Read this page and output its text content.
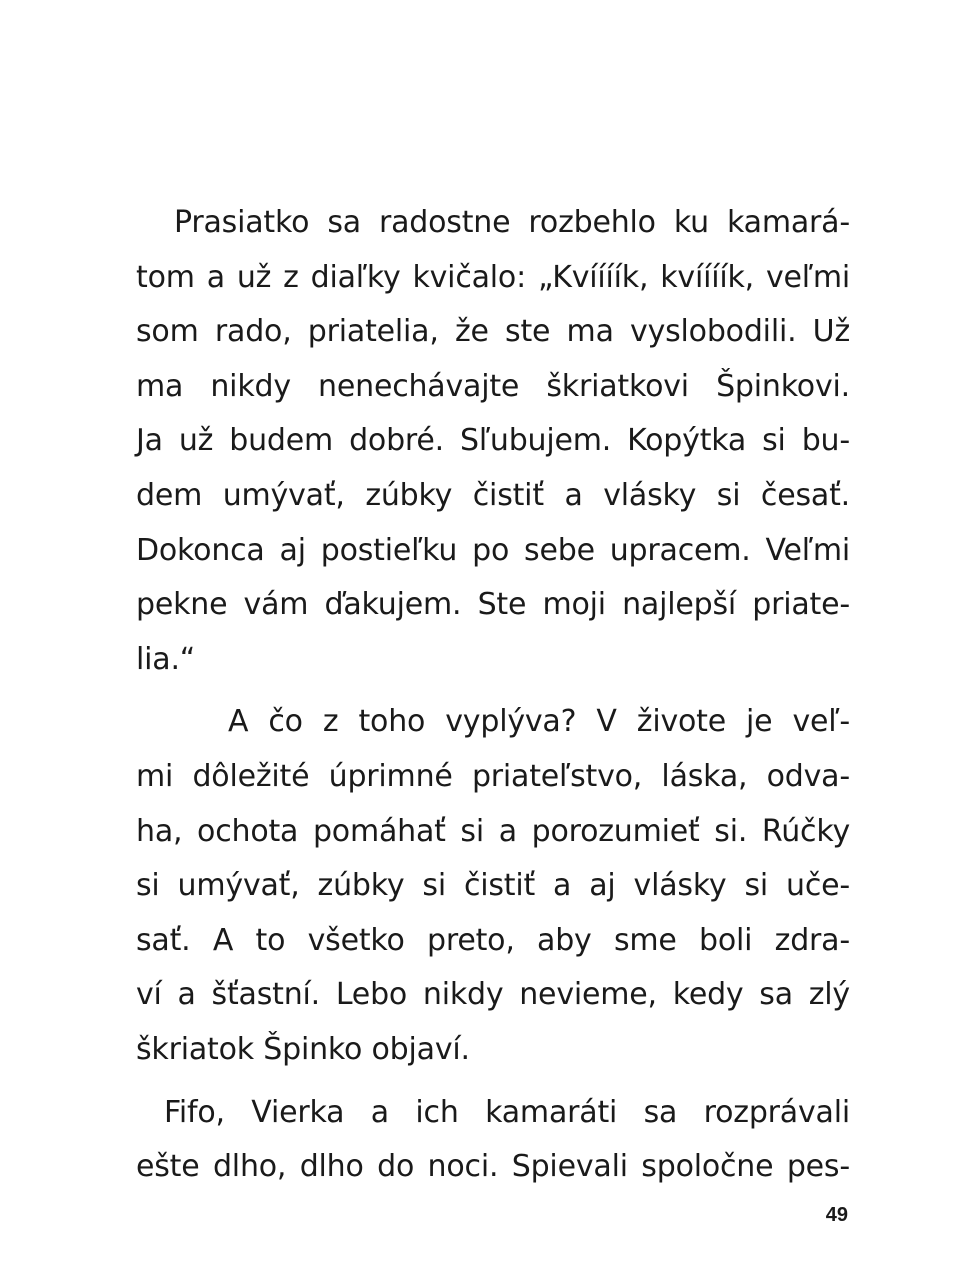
Prasiatko sa radostne rozbehlo ku kamará-
tom a už z diaľky kvičalo: „Kvíííík, kvíííík, veľmi
som rado, priatelia, že ste ma vyslobodili. Už
ma nikdy nenechávajte škriatkovi Špinkovi.
Ja už budem dobré. Sľubujem. Kopýtka si bu-
dem umývať, zúbky čistiť a vlásky si česať.
Dokonca aj postieľku po sebe upracem. Veľmi
pekne vám ďakujem. Ste moji najlepší priate-
lia.“
A čo z toho vyplýva? V živote je veľ-
mi dôležité úprimné priateľstvo, láska, odva-
ha, ochota pomáhať si a porozumieť si. Rúčky
si umývať, zúbky si čistiť a aj vlásky si uče-
sať. A to všetko preto, aby sme boli zdra-
ví a šťastní. Lebo nikdy nevieme, kedy sa zlý
škriatok Špinko objaví.
Fifo, Vierka a ich kamaráti sa rozprávali
ešte dlho, dlho do noci. Spievali spoločne pes-
49
